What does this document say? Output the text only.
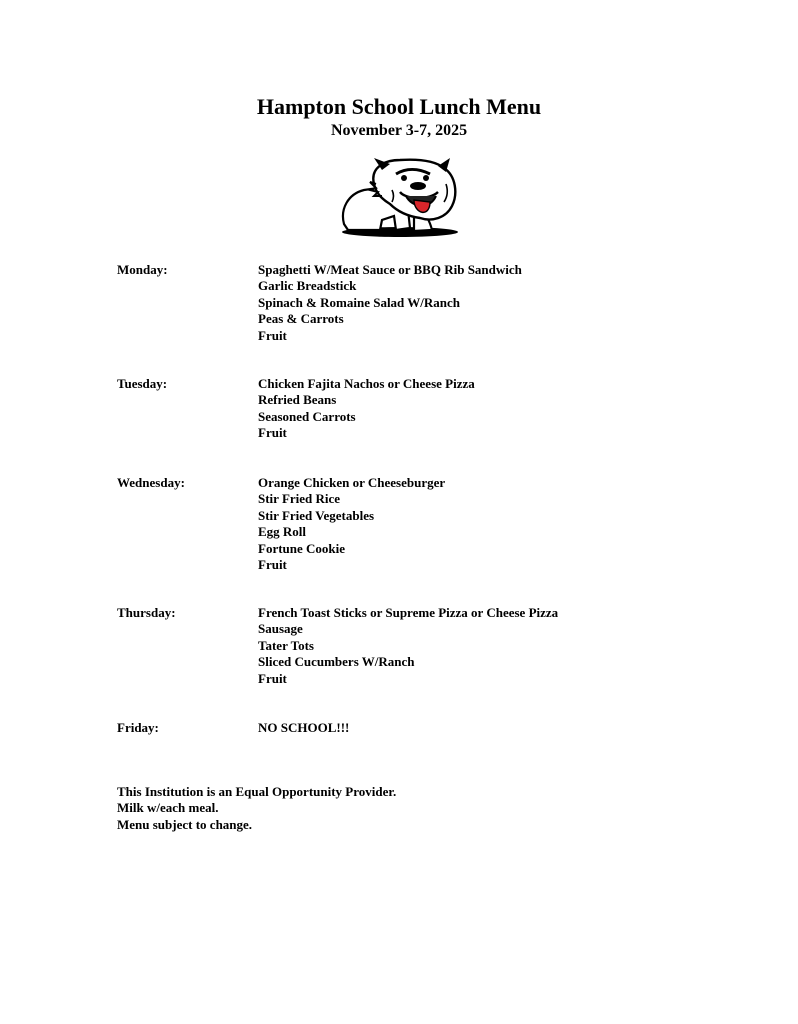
Hampton School Lunch Menu
November 3-7, 2025
Monday:	Spaghetti W/Meat Sauce or BBQ Rib Sandwich
Garlic Breadstick
Spinach & Romaine Salad W/Ranch
Peas & Carrots
Fruit
Tuesday:	Chicken Fajita Nachos or Cheese Pizza
Refried Beans
Seasoned Carrots
Fruit
Wednesday:	Orange Chicken or Cheeseburger
Stir Fried Rice
Stir Fried Vegetables
Egg Roll
Fortune Cookie
Fruit
Thursday:	French Toast Sticks or Supreme Pizza or Cheese Pizza
Sausage
Tater Tots
Sliced Cucumbers W/Ranch
Fruit
Friday:	NO SCHOOL!!!
This Institution is an Equal Opportunity Provider.
Milk w/each meal.
Menu subject to change.
